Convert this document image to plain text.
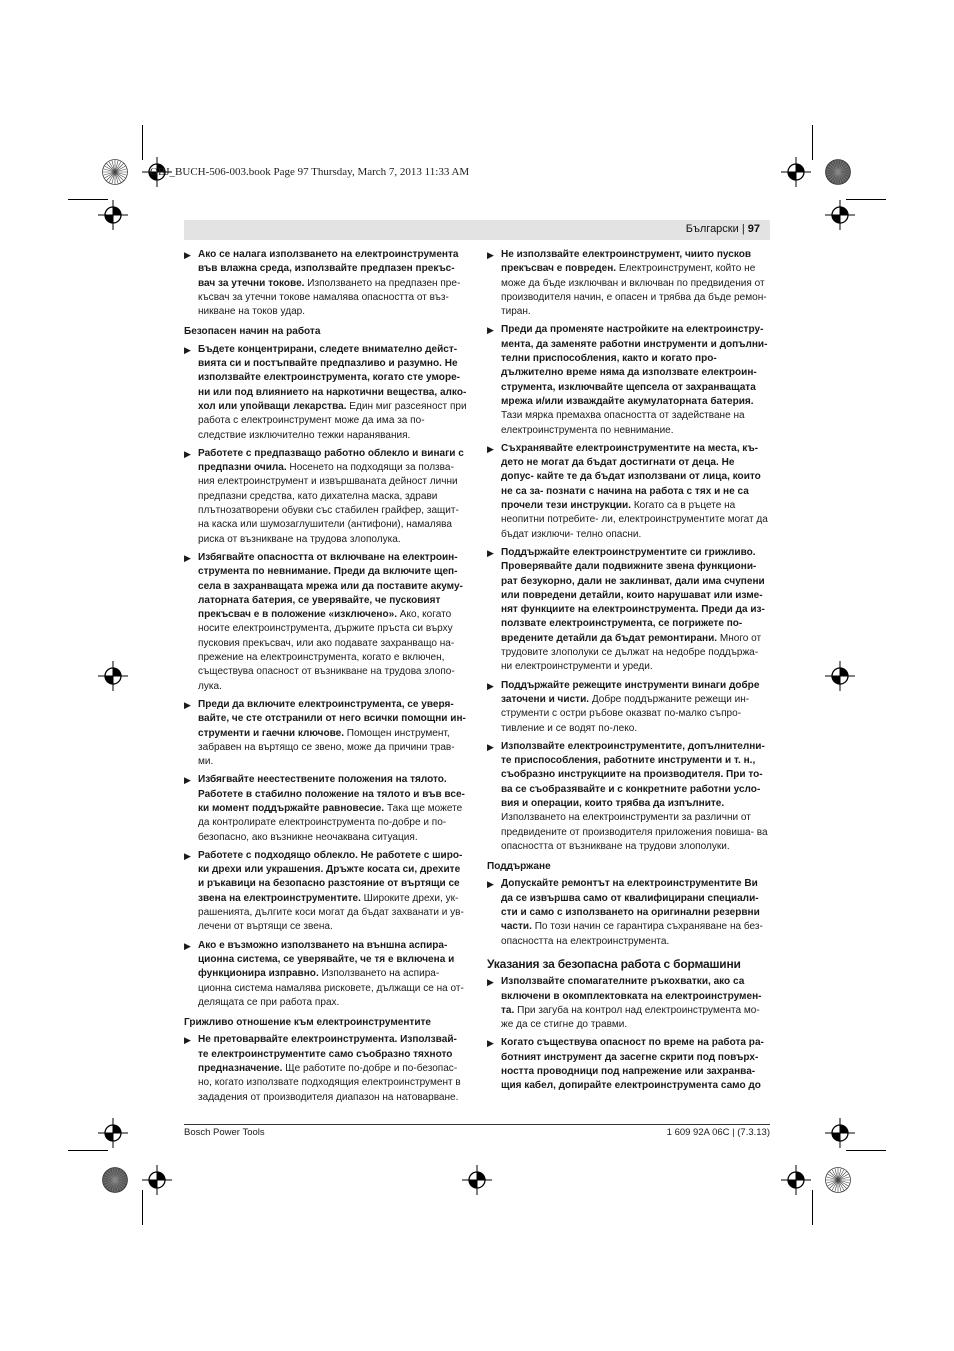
OBJ_BUCH-506-003.book Page 97 Thursday, March 7, 2013 11:33 AM
Български | 97
▶ Ако се налага използването на електроинструмента във влажна среда, използвайте предпазен прекъс- вач за утечни токове. Използването на предпазен пре- късвач за утечни токове намалява опасността от въз- никване на токов удар.

Безопасен начин на работа
▶ Бъдете концентрирани, следете внимателно дейст- вията си и постъпвайте предпазливо и разумно. Не използвайте електроинструмента, когато сте уморе- ни или под влиянието на наркотични вещества, алко- хол или упойващи лекарства. Един миг разсеяност при работа с електроинструмент може да има за по- следствие изключително тежки наранявания.

▶ Работете с предпазващо работно облекло и винаги с предпазни очила. Носенето на подходящи за ползва- ния електроинструмент и извършваната дейност лични предпазни средства, като дихателна маска, здрави плътнозатворени обувки със стабилен грайфер, защит- на каска или шумозаглушители (антифони), намалява риска от възникване на трудова злополука.

▶ Избягвайте опасността от включване на електроин- струмента по невнимание. Преди да включите щеп- села в захранващата мрежа или да поставите акуму- латорната батерия, се уверявайте, че пусковият прекъсвач е в положение «изключено». Ако, когато носите електроинструмента, държите пръста си върху пусковия прекъсвач, или ако подавате захранващо на- прежение на електроинструмента, когато е включен, съществува опасност от възникване на трудова злопо- лука.

▶ Преди да включите електроинструмента, се уверя- вайте, че сте отстранили от него всички помощни ин- струменти и гаечни ключове. Помощен инструмент, забравен на въртящо се звено, може да причини трав- ми.

▶ Избягвайте неестествените положения на тялото. Работете в стабилно положение на тялото и във все- ки момент поддържайте равновесие. Така ще можете да контролирате електроинструмента по-добре и по- безопасно, ако възникне неочаквана ситуация.

▶ Работете с подходящо облекло. Не работете с широ- ки дрехи или украшения. Дръжте косата си, дрехите и ръкавици на безопасно разстояние от въртящи се звена на електроинструментите. Широките дрехи, ук- рашенията, дългите коси могат да бъдат захванати и ув- лечени от въртящи се звена.

▶ Ако е възможно използването на външна аспира- ционна система, се уверявайте, че тя е включена и функционира изправно. Използването на аспира- ционна система намалява рисковете, дължащи се на от- делящата се при работа прах.

Грижливо отношение към електроинструментите
▶ Не претоварвайте електроинструмента. Използвай- те електроинструментите само съобразно тяхното предназначение. Ще работите по-добре и по-безопас- но, когато използвате подходящия електроинструмент в зададения от производителя диапазон на натоварване.

▶ Не използвайте електроинструмент, чиито пусков прекъсвач е повреден. Електроинструмент, който не може да бъде изключван и включван по предвидения от производителя начин, е опасен и трябва да бъде ремон- тиран.

▶ Преди да променяте настройките на електроинстру- мента, да заменяте работни инструменти и допълни- телни приспособления, както и когато про- дължително време няма да използвате електроин- струмента, изключвайте щепсела от захранващата мрежа и/или изваждайте акумулаторната батерия. Тази мярка премахва опасността от задействане на електроинструмента по невнимание.

▶ Съхранявайте електроинструментите на места, къ- дето не могат да бъдат достигнати от деца. Не допус- кайте те да бъдат използвани от лица, които не са за- познати с начина на работа с тях и не са прочели тези инструкции. Когато са в ръцете на неопитни потребите- ли, електроинструментите могат да бъдат изключи- телно опасни.

▶ Поддържайте електроинструментите си грижливо. Проверявайте дали подвижните звена функциони- рат безукорно, дали не заклинват, дали има счупени или повредени детайли, които нарушават или изме- нят функциите на електроинструмента. Преди да из- ползвате електроинструмента, се погрижете по- вредените детайли да бъдат ремонтирани. Много от трудовите злополуки се дължат на недобре поддържа- ни електроинструменти и уреди.

▶ Поддържайте режещите инструменти винаги добре заточени и чисти. Добре поддържаните режещи ин- струменти с остри ръбове оказват по-малко съпро- тивление и се водят по-леко.

▶ Използвайте електроинструментите, допълнителни- те приспособления, работните инструменти и т. н., съобразно инструкциите на производителя. При то- ва се съобразявайте и с конкретните работни усло- вия и операции, които трябва да изпълните. Използването на електроинструменти за различни от предвидените от производителя приложения повиша- ва опасността от възникване на трудови злополуки.

Поддържане
▶ Допускайте ремонтът на електроинструментите Ви да се извършва само от квалифицирани специали- сти и само с използването на оригинални резервни части. По този начин се гарантира съхраняване на без- опасността на електроинструмента.

Указания за безопасна работа с бормашини
▶ Използвайте спомагателните ръкохватки, ако са включени в окомплектовката на електроинструмен- та. При загуба на контрол над електроинструмента мо- же да се стигне до травми.

▶ Когато съществува опасност по време на работа ра- ботният инструмент да засегне скрити под повърх- ността проводници под напрежение или захранва- щия кабел, допирайте електроинструмента само до

Bosch Power Tools	1 609 92A 06C | (7.3.13)
